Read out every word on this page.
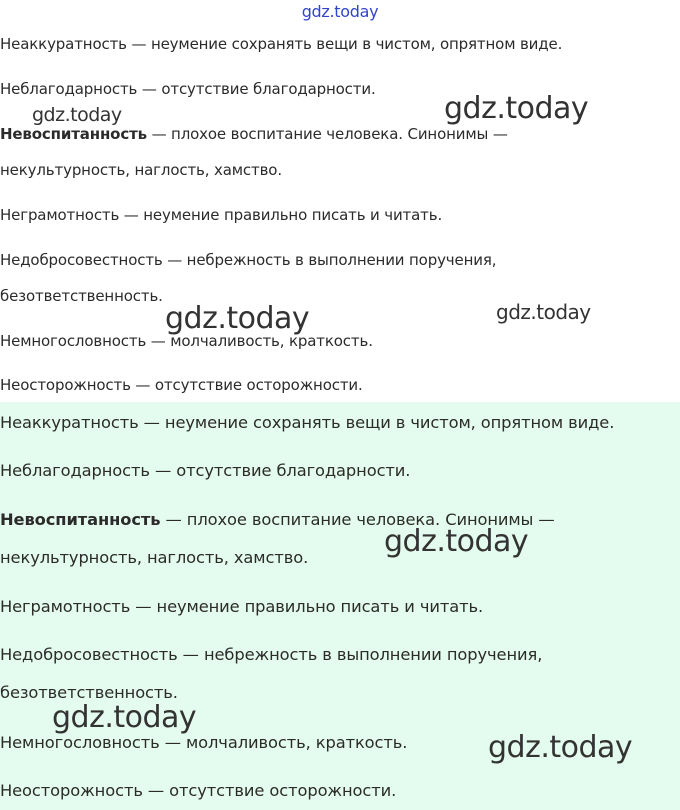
Неаккуратность — неумение сохранять вещи в чистом, опрятном виде.
Неблагодарность — отсутствие благодарности.
Невоспитанность — плохое воспитание человека. Синонимы —
некультурность, наглость, хамство.
Неграмотность — неумение правильно писать и читать.
Недобросовестность — небрежность в выполнении поручения,
безответственность.
Немногословность — молчаливость, краткость.
Неосторожность — отсутствие осторожности.
Неаккуратность — неумение сохранять вещи в чистом, опрятном виде.
Неблагодарность — отсутствие благодарности.
Невоспитанность — плохое воспитание человека. Синонимы —
некультурность, наглость, хамство.
Неграмотность — неумение правильно писать и читать.
Недобросовестность — небрежность в выполнении поручения,
безответственность.
Немногословность — молчаливость, краткость.
Неосторожность — отсутствие осторожности.
gdz.today
gdz.today	gdz.today
gdz.today	gdz.today
gdz.today
gdz.today
gdz.today
